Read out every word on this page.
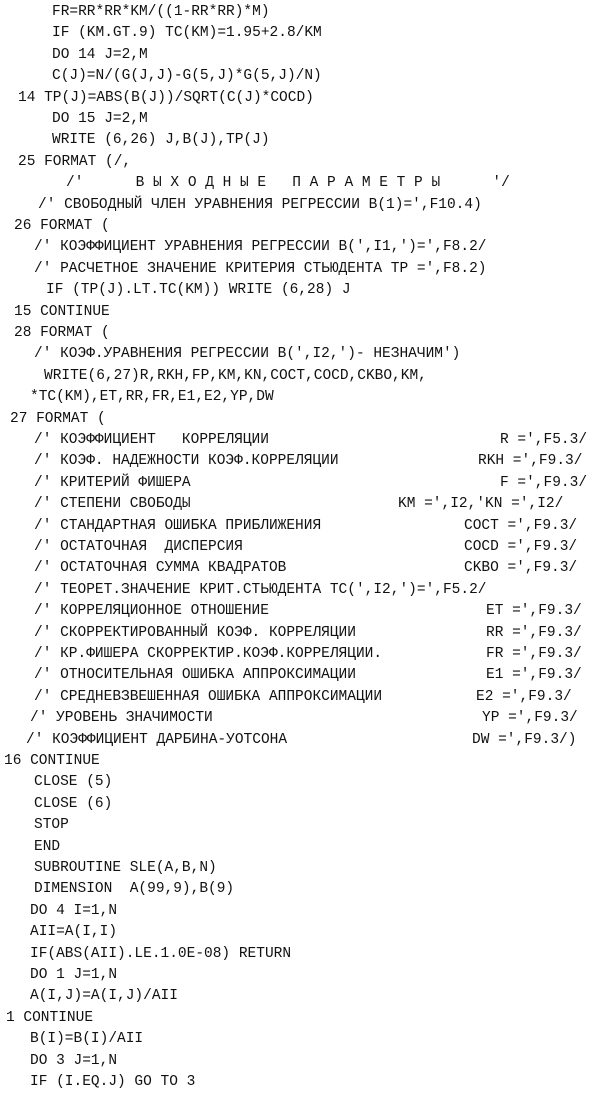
FR=RR*RR*KM/((1-RR*RR)*M)
IF (KM.GT.9) TC(KM)=1.95+2.8/KM
DO 14 J=2,M
C(J)=N/(G(J,J)-G(5,J)*G(5,J)/N)
14 TP(J)=ABS(B(J))/SQRT(C(J)*COCD)
DO 15 J=2,M
WRITE (6,26) J,B(J),TP(J)
25 FORMAT (/,
/'      В Ы Х О Д Н Ы Е   П А Р А М Е Т Р Ы      '/
/' СВОБОДНЫЙ ЧЛЕН УРАВНЕНИЯ РЕГРЕССИИ B(1)=',F10.4)
26 FORMAT (
/' КОЭФФИЦИЕНТ УРАВНЕНИЯ РЕГРЕССИИ B(',I1,')=',F8.2/
/' РАСЧЕТНОЕ ЗНАЧЕНИЕ КРИТЕРИЯ СТЬЮДЕНТА TP =',F8.2)
IF (TP(J).LT.TC(KM)) WRITE (6,28) J
15 CONTINUE
28 FORMAT (
/' КОЭФ.УРАВНЕНИЯ РЕГРЕССИИ B(',I2,')- НЕЗНАЧИМ')
WRITE(6,27)R,RKH,FP,KM,KN,COCT,COCD,CKBO,KM,
*TC(KM),ET,RR,FR,E1,E2,YP,DW
27 FORMAT (
/' КОЭФФИЦИЕНТ   КОРРЕЛЯЦИИ	R =',F5.3/
/' КОЭФ. НАДЕЖНОСТИ КОЭФ.КОРРЕЛЯЦИИ	RKH =',F9.3/
/' КРИТЕРИЙ ФИШЕРА	F =',F9.3/
/' СТЕПЕНИ СВОБОДЫ	KM =',I2,'KN =',I2/
/' СТАНДАРТНАЯ ОШИБКА ПРИБЛИЖЕНИЯ	COCT =',F9.3/
/' ОСТАТОЧНАЯ  ДИСПЕРСИЯ	COCD =',F9.3/
/' ОСТАТОЧНАЯ СУММА КВАДРАТОВ	CKBO =',F9.3/
/' ТЕОРЕТ.ЗНАЧЕНИЕ КРИТ.СТЬЮДЕНТА TC(',I2,')=',F5.2/
/' КОРРЕЛЯЦИОННОЕ ОТНОШЕНИЕ	ET =',F9.3/
/' СКОРРЕКТИРОВАННЫЙ КОЭФ. КОРРЕЛЯЦИИ	RR =',F9.3/
/' КР.ФИШЕРА СКОРРЕКТИР.КОЭФ.КОРРЕЛЯЦИИ.	FR =',F9.3/
/' ОТНОСИТЕЛЬНАЯ ОШИБКА АППРОКСИМАЦИИ	E1 =',F9.3/
/' СРЕДНЕВЗВЕШЕННАЯ ОШИБКА АППРОКСИМАЦИИ	E2 =',F9.3/
/' УРОВЕНЬ ЗНАЧИМОСТИ	YP =',F9.3/
/' КОЭФФИЦИЕНТ ДАРБИНА-УОТСОНА	DW =',F9.3/)
16 CONTINUE
CLOSE (5)
CLOSE (6)
STOP
END
SUBROUTINE SLE(A,B,N)
DIMENSION  A(99,9),B(9)
DO 4 I=1,N
AII=A(I,I)
IF(ABS(AII).LE.1.0E-08) RETURN
DO 1 J=1,N
A(I,J)=A(I,J)/AII
1 CONTINUE
B(I)=B(I)/AII
DO 3 J=1,N
IF (I.EQ.J) GO TO 3
